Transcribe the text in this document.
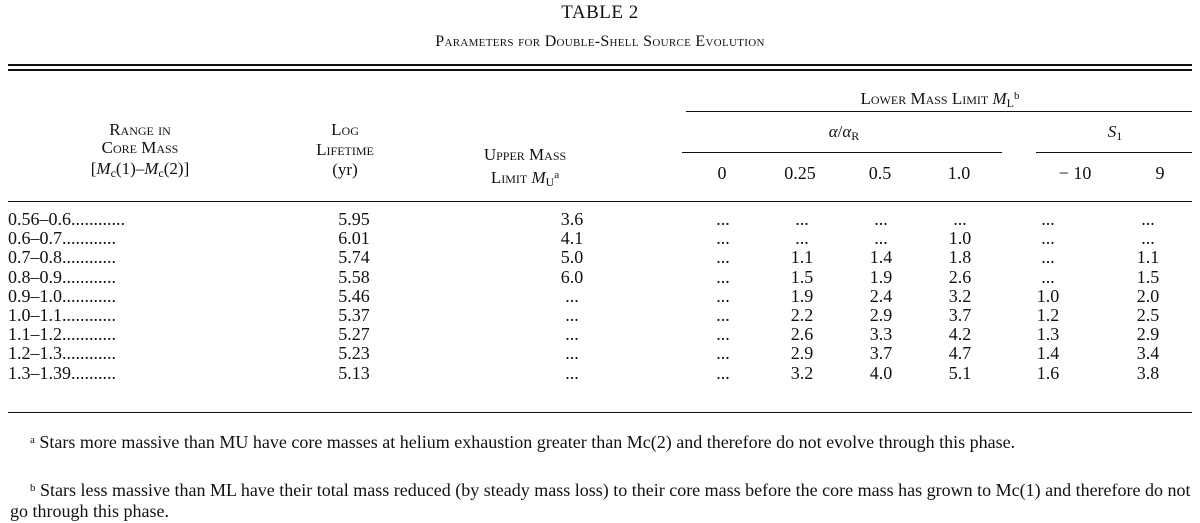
TABLE 2
Parameters for Double-Shell Source Evolution
Range in
Core Mass
$[M_c(1)-M_c(2)]$
Log
Lifetime
(yr)
Upper Mass
Limit $M_U^a$
Lower Mass Limit $M_L^b$
$\alpha/\alpha_R$	$S_1$
0	0.25	0.5	1.0	− 10	9
0.56–0.6............	5.95	3.6	...	...	...	...	...	...
0.6–0.7............	6.01	4.1	...	...	...	1.0	...	...
0.7–0.8............	5.74	5.0	...	1.1	1.4	1.8	...	1.1
0.8–0.9............	5.58	6.0	...	1.5	1.9	2.6	...	1.5
0.9–1.0............	5.46	...	...	1.9	2.4	3.2	1.0	2.0
1.0–1.1............	5.37	...	...	2.2	2.9	3.7	1.2	2.5
1.1–1.2............	5.27	...	...	2.6	3.3	4.2	1.3	2.9
1.2–1.3............	5.23	...	...	2.9	3.7	4.7	1.4	3.4
1.3–1.39..........	5.13	...	...	3.2	4.0	5.1	1.6	3.8
$^a$ Stars more massive than MU have core masses at helium exhaustion greater than Mc(2) and therefore do not evolve through this phase.
$^b$ Stars less massive than ML have their total mass reduced (by steady mass loss) to their core mass before the core mass has grown to Mc(1) and therefore do not go through this phase.
